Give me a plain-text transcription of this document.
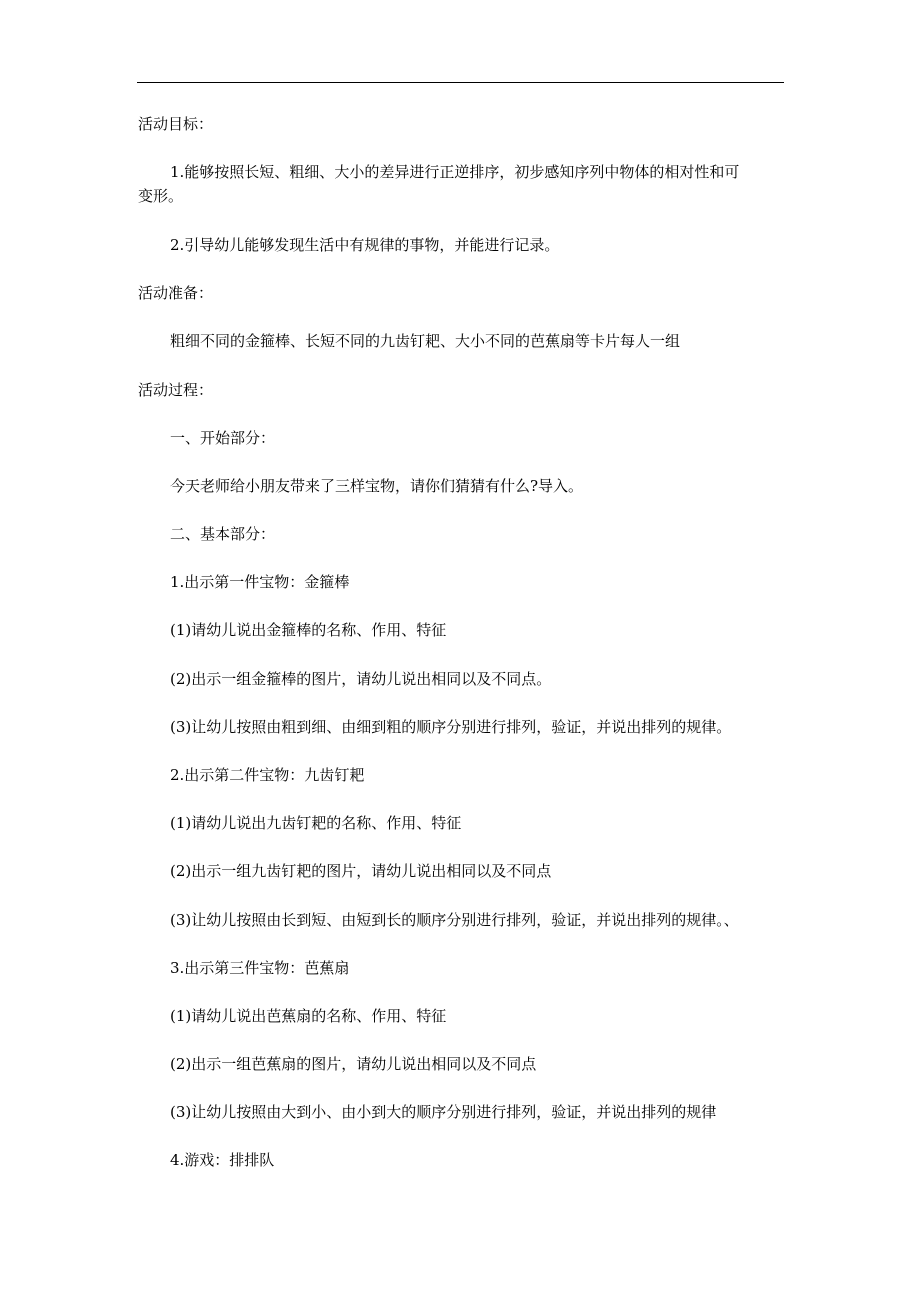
活动目标：
1.能够按照长短、粗细、大小的差异进行正逆排序，初步感知序列中物体的相对性和可
变形。
2.引导幼儿能够发现生活中有规律的事物，并能进行记录。
活动准备：
粗细不同的金箍棒、长短不同的九齿钉耙、大小不同的芭蕉扇等卡片每人一组
活动过程：
一、开始部分：
今天老师给小朋友带来了三样宝物，请你们猜猜有什么?导入。
二、基本部分：
1.出示第一件宝物：金箍棒
(1)请幼儿说出金箍棒的名称、作用、特征
(2)出示一组金箍棒的图片，请幼儿说出相同以及不同点。
(3)让幼儿按照由粗到细、由细到粗的顺序分别进行排列，验证，并说出排列的规律。
2.出示第二件宝物：九齿钉耙
(1)请幼儿说出九齿钉耙的名称、作用、特征
(2)出示一组九齿钉耙的图片，请幼儿说出相同以及不同点
(3)让幼儿按照由长到短、由短到长的顺序分别进行排列，验证，并说出排列的规律。、
3.出示第三件宝物：芭蕉扇
(1)请幼儿说出芭蕉扇的名称、作用、特征
(2)出示一组芭蕉扇的图片，请幼儿说出相同以及不同点
(3)让幼儿按照由大到小、由小到大的顺序分别进行排列，验证，并说出排列的规律
4.游戏：排排队
